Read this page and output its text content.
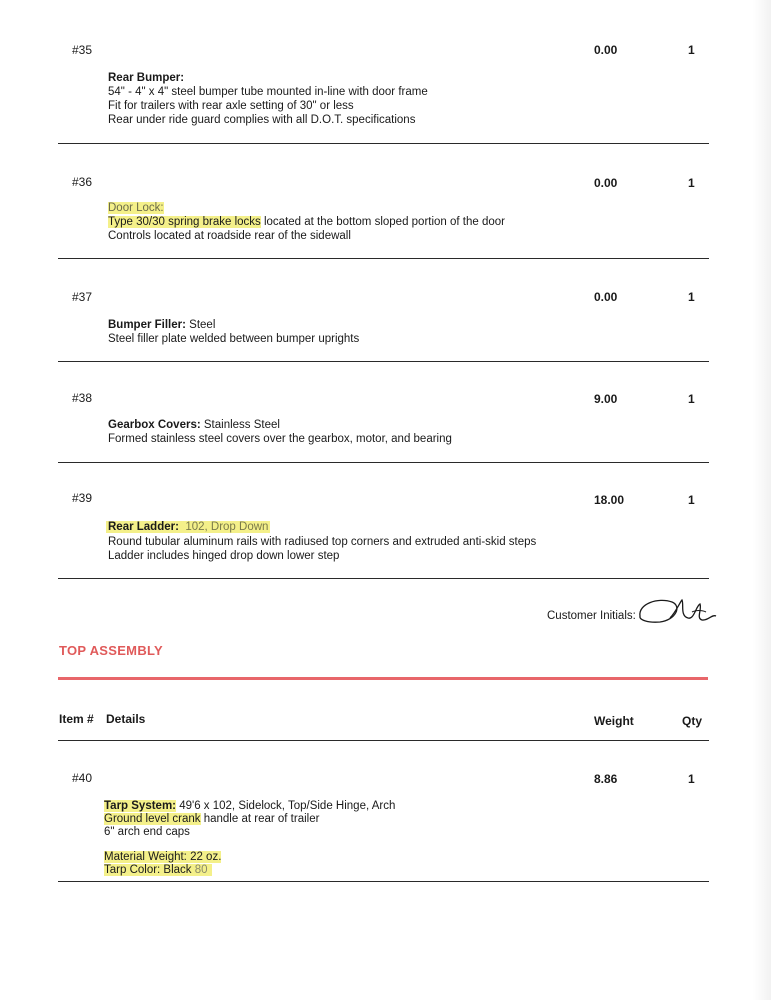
#35	0.00	1
Rear Bumper:
54" - 4" x 4" steel bumper tube mounted in-line with door frame
Fit for trailers with rear axle setting of 30" or less
Rear under ride guard complies with all D.O.T. specifications
#36	0.00	1
Door Lock:
Type 30/30 spring brake locks located at the bottom sloped portion of the door
Controls located at roadside rear of the sidewall
#37	0.00	1
Bumper Filler: Steel
Steel filler plate welded between bumper uprights
#38	9.00	1
Gearbox Covers: Stainless Steel
Formed stainless steel covers over the gearbox, motor, and bearing
#39	18.00	1
Rear Ladder: 102, Drop Down
Round tubular aluminum rails with radiused top corners and extruded anti-skid steps
Ladder includes hinged drop down lower step
Customer Initials:
TOP ASSEMBLY
Item # Details	Weight	Qty
#40	8.86	1
Tarp System: 49'6 x 102, Sidelock, Top/Side Hinge, Arch
Ground level crank handle at rear of trailer
6" arch end caps
Material Weight: 22 oz.
Tarp Color: Black 80
